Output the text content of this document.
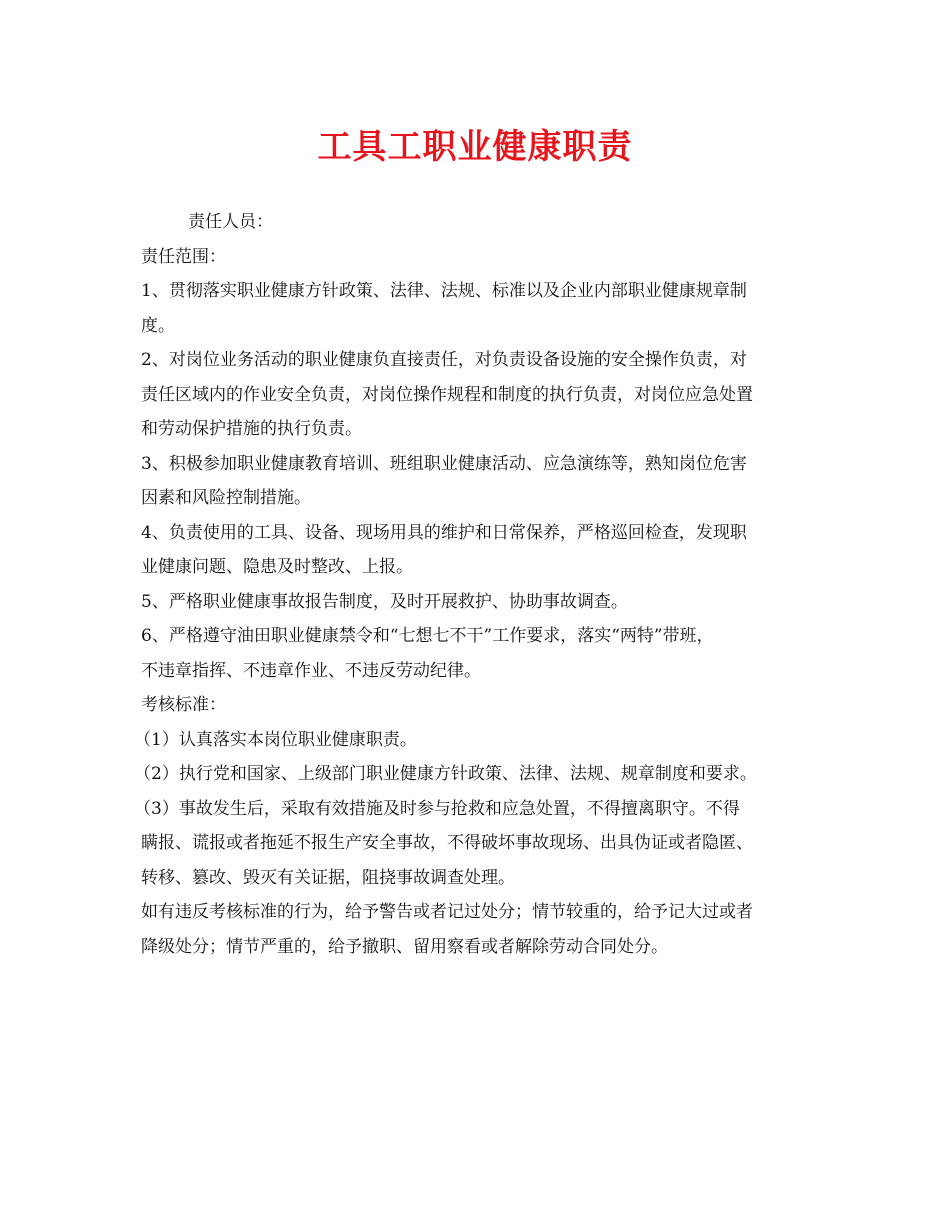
工具工职业健康职责
责任人员：
责任范围：
1、贯彻落实职业健康方针政策、法律、法规、标准以及企业内部职业健康规章制
度。
2、对岗位业务活动的职业健康负直接责任，对负责设备设施的安全操作负责，对
责任区域内的作业安全负责，对岗位操作规程和制度的执行负责，对岗位应急处置
和劳动保护措施的执行负责。
3、积极参加职业健康教育培训、班组职业健康活动、应急演练等，熟知岗位危害
因素和风险控制措施。
4、负责使用的工具、设备、现场用具的维护和日常保养，严格巡回检查，发现职
业健康问题、隐患及时整改、上报。
5、严格职业健康事故报告制度，及时开展救护、协助事故调查。
6、严格遵守油田职业健康禁令和“七想七不干”工作要求，落实“两特”带班，
不违章指挥、不违章作业、不违反劳动纪律。
考核标准：
（1）认真落实本岗位职业健康职责。
（2）执行党和国家、上级部门职业健康方针政策、法律、法规、规章制度和要求。
（3）事故发生后，采取有效措施及时参与抢救和应急处置，不得擅离职守。不得
瞒报、谎报或者拖延不报生产安全事故，不得破坏事故现场、出具伪证或者隐匿、
转移、篡改、毁灭有关证据，阻挠事故调查处理。
如有违反考核标准的行为，给予警告或者记过处分；情节较重的，给予记大过或者
降级处分；情节严重的，给予撤职、留用察看或者解除劳动合同处分。
